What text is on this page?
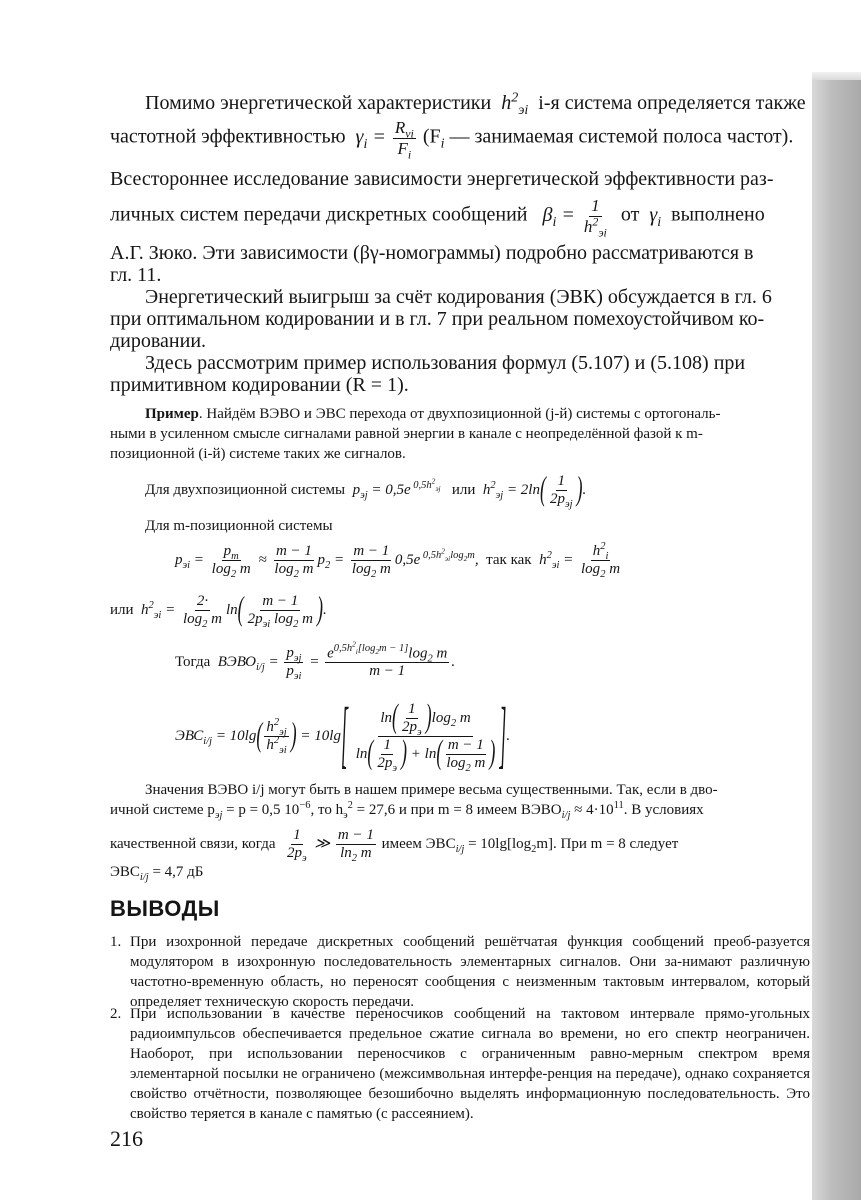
Помимо энергетической характеристики  $h^2_{эi}$ i-я система определяется также
частотной эффективностью  $\gamma_i = \frac{R_{vi}}{F_i} (F_i$ — занимаемая системой полоса частот).
Всестороннее исследование зависимости энергетической эффективности раз-
личных систем передачи дискретных сообщений   $\beta_i = \frac{1}{h^2_{эi}}$ от  $\gamma_i$ выполнено
А.Г. Зюко. Эти зависимости (βγ-номограммы) подробно рассматриваются в
гл. 11.
Энергетический выигрыш за счёт кодирования (ЭВК) обсуждается в гл. 6
при оптимальном кодировании и в гл. 7 при реальном помехоустойчивом ко-
дировании.
Здесь рассмотрим пример использования формул (5.107) и (5.108) при
примитивном кодировании (R = 1).
Пример. Найдём ВЭВО и ЭВС перехода от двухпозиционной (j-й) системы с ортогональ-
ными в усиленном смысле сигналами равной энергии в канале с неопределённой фазой к m-
позиционной (i-й) системе таких же сигналов.
Для двухпозиционной системы  $p_{эj} = 0,5e$ $^{0,5h^2_{эj}}$ или $h^2_{эj} = 2\ln( \frac{1}{2p_{эj}}$ ).
Для m-позиционной системы
$p_{эi} = \frac{p_m}{\log_2 m} \approx \frac{m - 1}{\log_2 m} p_2 = \frac{m - 1}{\log_2 m} 0,5e$ $^{0,5h^2_{эi}log_2m}$,  так как $h^2_{эi} = \frac{h^2_i}{\log_2 m}$
или  $h^2_{эi} = \frac{2\cdot}{\log_2 m} \ln( \frac{m - 1}{2p_{эi} \log_2 m}$ ).
Тогда  $ВЭВО_{i/j} = \frac{p_{эj}}{p_{эi}} = \frac{e^{0,5h^2_i[log_2m - 1]}\log_2 m}{m - 1}$ .
$ЭВС_{i/j} = 10\lg( \frac{h^2_{эj}}{h^2_{эi}}$ ) = $10\lg[ \frac{\ln( \frac{1}{2p_э} )\log_2 m}{\ln( \frac{1}{2p_э} ) + \ln( \frac{m - 1}{\log_2 m} )}$ ].
Значения ВЭВО i/j могут быть в нашем примере весьма существенными. Так, если в дво-
ичной системе $p_{эj} = p = 0,5$ $10^{-6}$, то $h_э^2 = 27,6$ и при m = 8 имеем $ВЭВО_{i/j} \approx 4\cdot 10^{11}$. В условиях
качественной связи, когда $\frac{1}{2p_э}$ ≫ $\frac{m - 1}{\ln_2 m}$ имеем $ЭВС_{i/j} = 10\lg[\log_2m]$. При m = 8 следует
$ЭВС_{i/j} = 4,7$ дБ
ВЫВОДЫ
1. При изохронной передаче дискретных сообщений решётчатая функция сообщений преоб-разуется модулятором в изохронную последовательность элементарных сигналов. Они за-нимают различную частотно-временную область, но переносят сообщения с неизменным тактовым интервалом, который определяет техническую скорость передачи.
2. При использовании в качестве переносчиков сообщений на тактовом интервале прямо-угольных радиоимпульсов обеспечивается предельное сжатие сигнала во времени, но его спектр неограничен. Наоборот, при использовании переносчиков с ограниченным равно-мерным спектром время элементарной посылки не ограничено (межсимвольная интерфе-ренция на передаче), однако сохраняется свойство отчётности, позволяющее безошибочно выделять информационную последовательность. Это свойство теряется в канале с памятью (с рассеянием).
216
